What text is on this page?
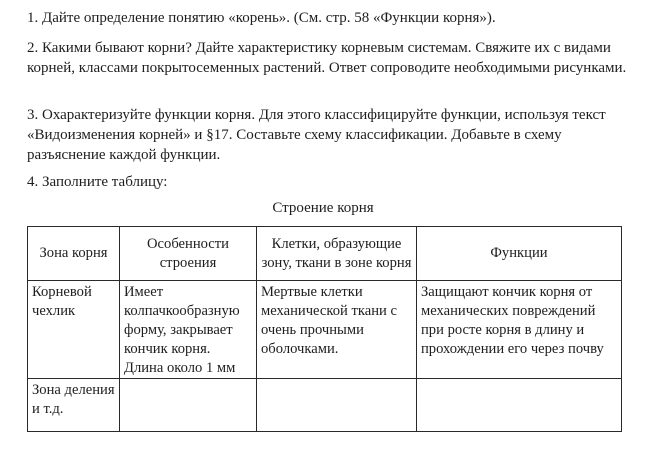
1. Дайте определение понятию «корень». (См. стр. 58 «Функции корня»).

2. Какими бывают корни? Дайте характеристику корневым системам. Свяжите их с видами корней, классами покрытосеменных растений. Ответ сопроводите необходимыми рисунками.

3. Охарактеризуйте функции корня. Для этого классифицируйте функции, используя текст «Видоизменения корней» и §17. Составьте схему классификации. Добавьте в схему разъяснение каждой функции.

4. Заполните таблицу:

Строение корня
Зона корня	Особенности строения	Клетки, образующие зону, ткани в зоне корня	Функции
Корневой чехлик	Имеет колпачкообразную форму, закрывает кончик корня. Длина около 1 мм	Мертвые клетки механической ткани с очень прочными оболочками.	Защищают кончик корня от механических повреждений при росте корня в длину и прохождении его через почву
Зона деления и т.д.			
